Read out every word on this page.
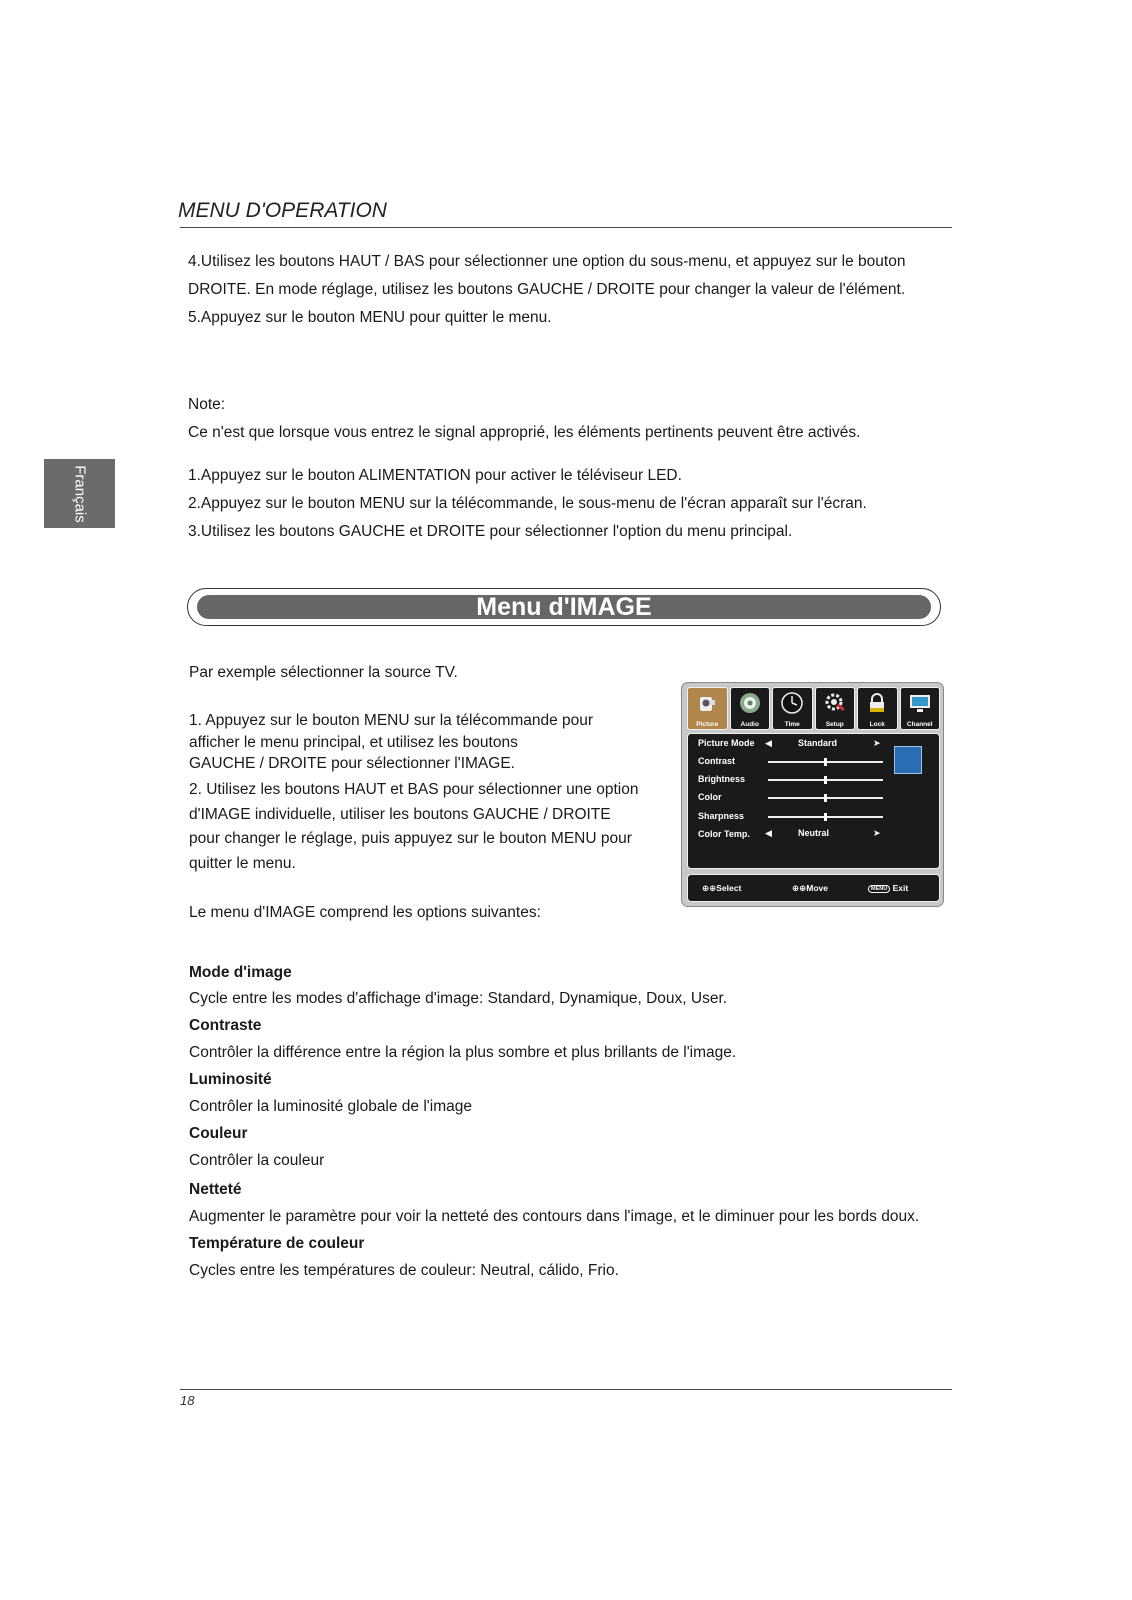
MENU D'OPERATION
Français

4.Utilisez les boutons HAUT / BAS pour sélectionner une option du sous-menu, et appuyez sur le bouton

DROITE. En mode réglage, utilisez les boutons GAUCHE / DROITE pour changer la valeur de l'élément.

5.Appuyez sur le bouton MENU pour quitter le menu.

Note:

Ce n'est que lorsque vous entrez le signal approprié, les éléments pertinents peuvent être activés.

1.Appuyez sur le bouton ALIMENTATION pour activer le téléviseur LED.

2.Appuyez sur le bouton MENU sur la télécommande, le sous-menu de l'écran apparaît sur l'écran.

3.Utilisez les boutons GAUCHE et DROITE pour sélectionner l'option du menu principal.

Menu d'IMAGE
Par exemple sélectionner la source TV.

1. Appuyez sur le bouton MENU sur la télécommande pour

afficher le menu principal, et utilisez les boutons

GAUCHE / DROITE pour sélectionner l'IMAGE.

2. Utilisez les boutons HAUT et BAS pour sélectionner une option

d'IMAGE individuelle, utiliser les boutons GAUCHE / DROITE

pour changer le réglage, puis appuyez sur le bouton MENU pour

quitter le menu.

Le menu d'IMAGE comprend les options suivantes:
Picture	Audio	Time	Setup	Lock	Channel
Picture Mode ◀	Standard	➤
Contrast
Brightness
Color
Sharpness
Color Temp. ◀	Neutral	➤
⊕⊕Select	⊕⊕Move	MENU Exit
Mode d'image
Cycle entre les modes d'affichage d'image: Standard, Dynamique, Doux, User.
Contraste
Contrôler la différence entre la région la plus sombre et plus brillants de l'image.
Luminosité
Contrôler la luminosité globale de l'image
Couleur
Contrôler la couleur
Netteté
Augmenter le paramètre pour voir la netteté des contours dans l'image, et le diminuer pour les bords doux.
Température de couleur
Cycles entre les températures de couleur: Neutral, cálido, Frio.
18
